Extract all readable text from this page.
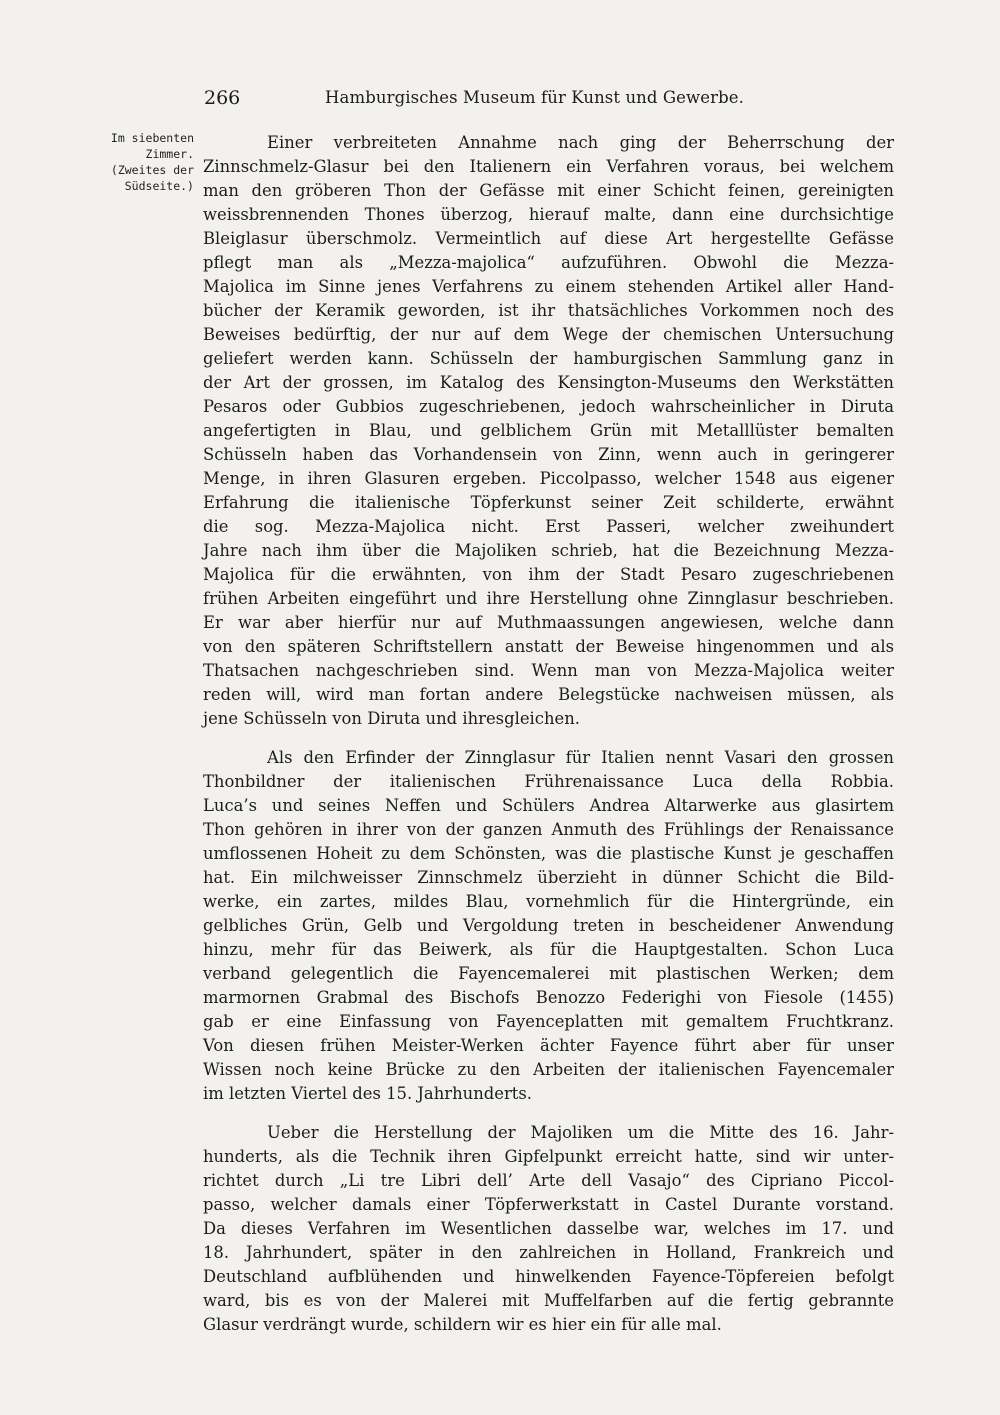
266	Hamburgisches Museum für Kunst und Gewerbe.
Im siebenten
Zimmer.
(Zweites der
Südseite.)
Einer verbreiteten Annahme nach ging der Beherrschung der
Zinnschmelz-Glasur bei den Italienern ein Verfahren voraus, bei welchem
man den gröberen Thon der Gefässe mit einer Schicht feinen, gereinigten
weissbrennenden Thones überzog, hierauf malte, dann eine durchsichtige
Bleiglasur überschmolz. Vermeintlich auf diese Art hergestellte Gefässe
pflegt man als „Mezza-majolica“ aufzuführen. Obwohl die Mezza-
Majolica im Sinne jenes Verfahrens zu einem stehenden Artikel aller Hand-
bücher der Keramik geworden, ist ihr thatsächliches Vorkommen noch des
Beweises bedürftig, der nur auf dem Wege der chemischen Untersuchung
geliefert werden kann. Schüsseln der hamburgischen Sammlung ganz in
der Art der grossen, im Katalog des Kensington-Museums den Werkstätten
Pesaros oder Gubbios zugeschriebenen, jedoch wahrscheinlicher in Diruta
angefertigten in Blau, und gelblichem Grün mit Metalllüster bemalten
Schüsseln haben das Vorhandensein von Zinn, wenn auch in geringerer
Menge, in ihren Glasuren ergeben. Piccolpasso, welcher 1548 aus eigener
Erfahrung die italienische Töpferkunst seiner Zeit schilderte, erwähnt
die sog. Mezza-Majolica nicht. Erst Passeri, welcher zweihundert
Jahre nach ihm über die Majoliken schrieb, hat die Bezeichnung Mezza-
Majolica für die erwähnten, von ihm der Stadt Pesaro zugeschriebenen
frühen Arbeiten eingeführt und ihre Herstellung ohne Zinnglasur beschrieben.
Er war aber hierfür nur auf Muthmaassungen angewiesen, welche dann
von den späteren Schriftstellern anstatt der Beweise hingenommen und als
Thatsachen nachgeschrieben sind. Wenn man von Mezza-Majolica weiter
reden will, wird man fortan andere Belegstücke nachweisen müssen, als
jene Schüsseln von Diruta und ihresgleichen.
Als den Erfinder der Zinnglasur für Italien nennt Vasari den grossen
Thonbildner der italienischen Frührenaissance Luca della Robbia.
Luca’s und seines Neffen und Schülers Andrea Altarwerke aus glasirtem
Thon gehören in ihrer von der ganzen Anmuth des Frühlings der Renaissance
umflossenen Hoheit zu dem Schönsten, was die plastische Kunst je geschaffen
hat. Ein milchweisser Zinnschmelz überzieht in dünner Schicht die Bild-
werke, ein zartes, mildes Blau, vornehmlich für die Hintergründe, ein
gelbliches Grün, Gelb und Vergoldung treten in bescheidener Anwendung
hinzu, mehr für das Beiwerk, als für die Hauptgestalten. Schon Luca
verband gelegentlich die Fayencemalerei mit plastischen Werken; dem
marmornen Grabmal des Bischofs Benozzo Federighi von Fiesole (1455)
gab er eine Einfassung von Fayenceplatten mit gemaltem Fruchtkranz.
Von diesen frühen Meister-Werken ächter Fayence führt aber für unser
Wissen noch keine Brücke zu den Arbeiten der italienischen Fayencemaler
im letzten Viertel des 15. Jahrhunderts.
Ueber die Herstellung der Majoliken um die Mitte des 16. Jahr-
hunderts, als die Technik ihren Gipfelpunkt erreicht hatte, sind wir unter-
richtet durch „Li tre Libri dell’ Arte dell Vasajo“ des Cipriano Piccol-
passo, welcher damals einer Töpferwerkstatt in Castel Durante vorstand.
Da dieses Verfahren im Wesentlichen dasselbe war, welches im 17. und
18. Jahrhundert, später in den zahlreichen in Holland, Frankreich und
Deutschland aufblühenden und hinwelkenden Fayence-Töpfereien befolgt
ward, bis es von der Malerei mit Muffelfarben auf die fertig gebrannte
Glasur verdrängt wurde, schildern wir es hier ein für alle mal.
